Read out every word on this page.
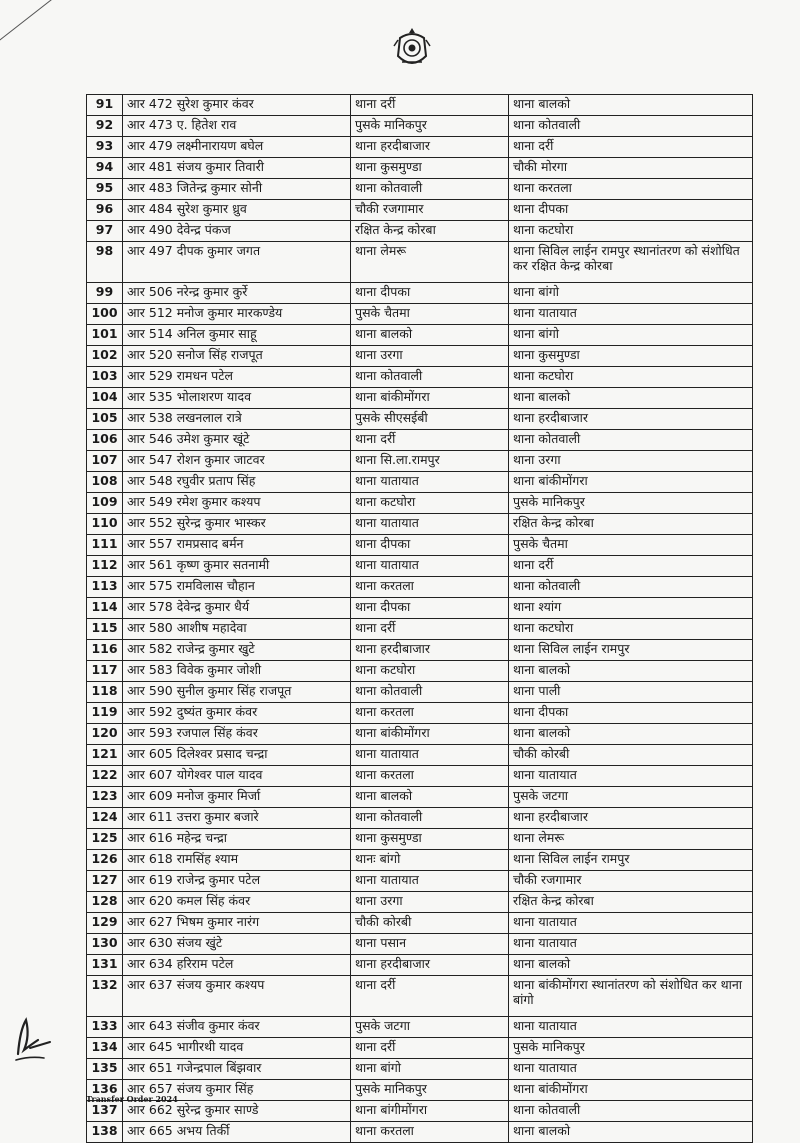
91	आर 472 सुरेश कुमार कंवर	थाना दर्री	थाना बालको
92	आर 473 ए. हितेश राव	पुसके मानिकपुर	थाना कोतवाली
93	आर 479 लक्ष्मीनारायण बघेल	थाना हरदीबाजार	थाना दर्री
94	आर 481 संजय कुमार तिवारी	थाना कुसमुण्डा	चौकी मोरगा
95	आर 483 जितेन्द्र कुमार सोनी	थाना कोतवाली	थाना करतला
96	आर 484 सुरेश कुमार ध्रुव	चौकी रजगामार	थाना दीपका
97	आर 490 देवेन्द्र पंकज	रक्षित केन्द्र कोरबा	थाना कटघोरा
98	आर 497 दीपक कुमार जगत	थाना लेमरू	थाना सिविल लाईन रामपुर स्थानांतरण को संशोधित कर रक्षित केन्द्र कोरबा
99	आर 506 नरेन्द्र कुमार कुर्रे	थाना दीपका	थाना बांगो
100	आर 512 मनोज कुमार मारकण्डेय	पुसके चैतमा	थाना यातायात
101	आर 514 अनिल कुमार साहू	थाना बालको	थाना बांगो
102	आर 520 सनोज सिंह राजपूत	थाना उरगा	थाना कुसमुण्डा
103	आर 529 रामधन पटेल	थाना कोतवाली	थाना कटघोरा
104	आर 535 भोलाशरण यादव	थाना बांकीमोंगरा	थाना बालको
105	आर 538 लखनलाल रात्रे	पुसके सीएसईबी	थाना हरदीबाजार
106	आर 546 उमेश कुमार खूंटे	थाना दर्री	थाना कोतवाली
107	आर 547 रोशन कुमार जाटवर	थाना सि.ला.रामपुर	थाना उरगा
108	आर 548 रघुवीर प्रताप सिंह	थाना यातायात	थाना बांकीमोंगरा
109	आर 549 रमेश कुमार कश्यप	थाना कटघोरा	पुसके मानिकपुर
110	आर 552 सुरेन्द्र कुमार भास्कर	थाना यातायात	रक्षित केन्द्र कोरबा
111	आर 557 रामप्रसाद बर्मन	थाना दीपका	पुसके चैतमा
112	आर 561 कृष्ण कुमार सतनामी	थाना यातायात	थाना दर्री
113	आर 575 रामविलास चौहान	थाना करतला	थाना कोतवाली
114	आर 578 देवेन्द्र कुमार धैर्य	थाना दीपका	थाना श्यांग
115	आर 580 आशीष महादेवा	थाना दर्री	थाना कटघोरा
116	आर 582 राजेन्द्र कुमार खुटे	थाना हरदीबाजार	थाना सिविल लाईन रामपुर
117	आर 583 विवेक कुमार जोशी	थाना कटघोरा	थाना बालको
118	आर 590 सुनील कुमार सिंह राजपूत	थाना कोतवाली	थाना पाली
119	आर 592 दुष्यंत कुमार कंवर	थाना करतला	थाना दीपका
120	आर 593 रजपाल सिंह कंवर	थाना बांकीमोंगरा	थाना बालको
121	आर 605 दिलेश्वर प्रसाद चन्द्रा	थाना यातायात	चौकी कोरबी
122	आर 607 योगेश्वर पाल यादव	थाना करतला	थाना यातायात
123	आर 609 मनोज कुमार मिर्जा	थाना बालको	पुसके जटगा
124	आर 611 उत्तरा कुमार बजारे	थाना कोतवाली	थाना हरदीबाजार
125	आर 616 महेन्द्र चन्द्रा	थाना कुसमुण्डा	थाना लेमरू
126	आर 618 रामसिंह श्याम	थानः बांगो	थाना सिविल लाईन रामपुर
127	आर 619 राजेन्द्र कुमार पटेल	थाना यातायात	चौकी रजगामार
128	आर 620 कमल सिंह कंवर	थाना उरगा	रक्षित केन्द्र कोरबा
129	आर 627 भिषम कुमार नारंग	चौकी कोरबी	थाना यातायात
130	आर 630 संजय खुंटे	थाना पसान	थाना यातायात
131	आर 634 हरिराम पटेल	थाना हरदीबाजार	थाना बालको
132	आर 637 संजय कुमार कश्यप	थाना दर्री	थाना बांकीमोंगरा स्थानांतरण को संशोधित कर थाना बांगो
133	आर 643 संजीव कुमार कंवर	पुसके जटगा	थाना यातायात
134	आर 645 भागीरथी यादव	थाना दर्री	पुसके मानिकपुर
135	आर 651 गजेन्द्रपाल बिंझवार	थाना बांगो	थाना यातायात
136	आर 657 संजय कुमार सिंह	पुसके मानिकपुर	थाना बांकीमोंगरा
137	आर 662 सुरेन्द्र कुमार साण्डे	थाना बांगीमोंगरा	थाना कोतवाली
138	आर 665 अभय तिर्की	थाना करतला	थाना बालको
Transfer Order 2024
